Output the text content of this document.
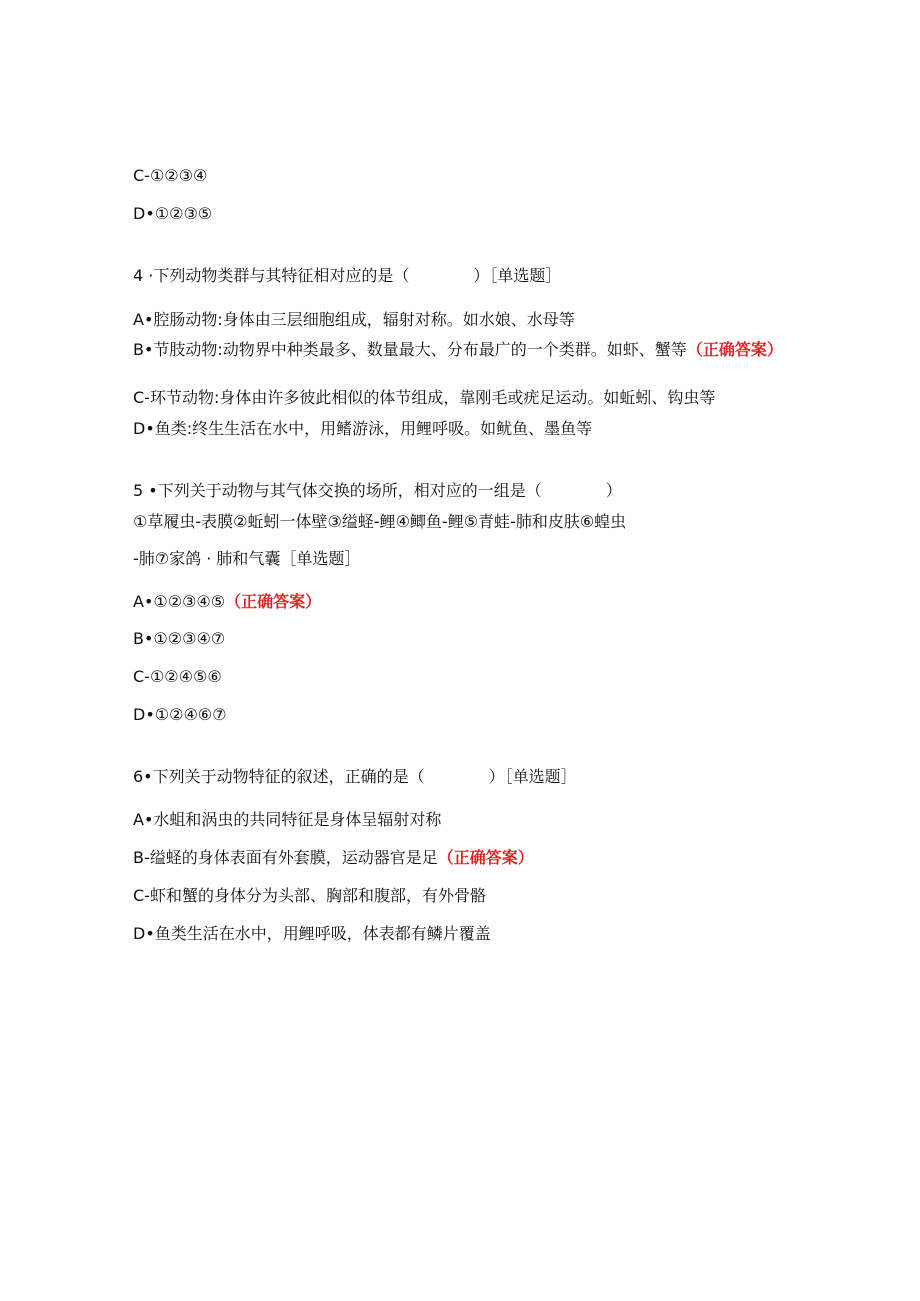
C-①②③④
D•①②③⑤
4 ·下列动物类群与其特征相对应的是（　　　　）［单选题］
A•腔肠动物:身体由三层细胞组成，辐射对称。如水娘、水母等
B•节肢动物:动物界中种类最多、数量最大、分布最广的一个类群。如虾、蟹等（正确答案）
C-环节动物:身体由许多彼此相似的体节组成，靠刚毛或疣足运动。如蚯蚓、钩虫等
D•鱼类:终生生活在水中，用鳍游泳，用鲤呼吸。如鱿鱼、墨鱼等
5 •下列关于动物与其气体交换的场所，相对应的一组是（　　　　）
①草履虫-表膜②蚯蚓一体壁③缢蛏-鲤④鲫鱼-鲤⑤青蛙-肺和皮肤⑥蝗虫
-肺⑦家鸽 · 肺和气囊［单选题］
A•①②③④⑤（正确答案）
B•①②③④⑦
C-①②④⑤⑥
D•①②④⑥⑦
6•下列关于动物特征的叙述，正确的是（　　　　）［单选题］
A•水蛆和涡虫的共同特征是身体呈辐射对称
B-缢蛏的身体表面有外套膜，运动器官是足（正确答案）
C-虾和蟹的身体分为头部、胸部和腹部，有外骨骼
D•鱼类生活在水中，用鲤呼吸，体表都有鳞片覆盖
